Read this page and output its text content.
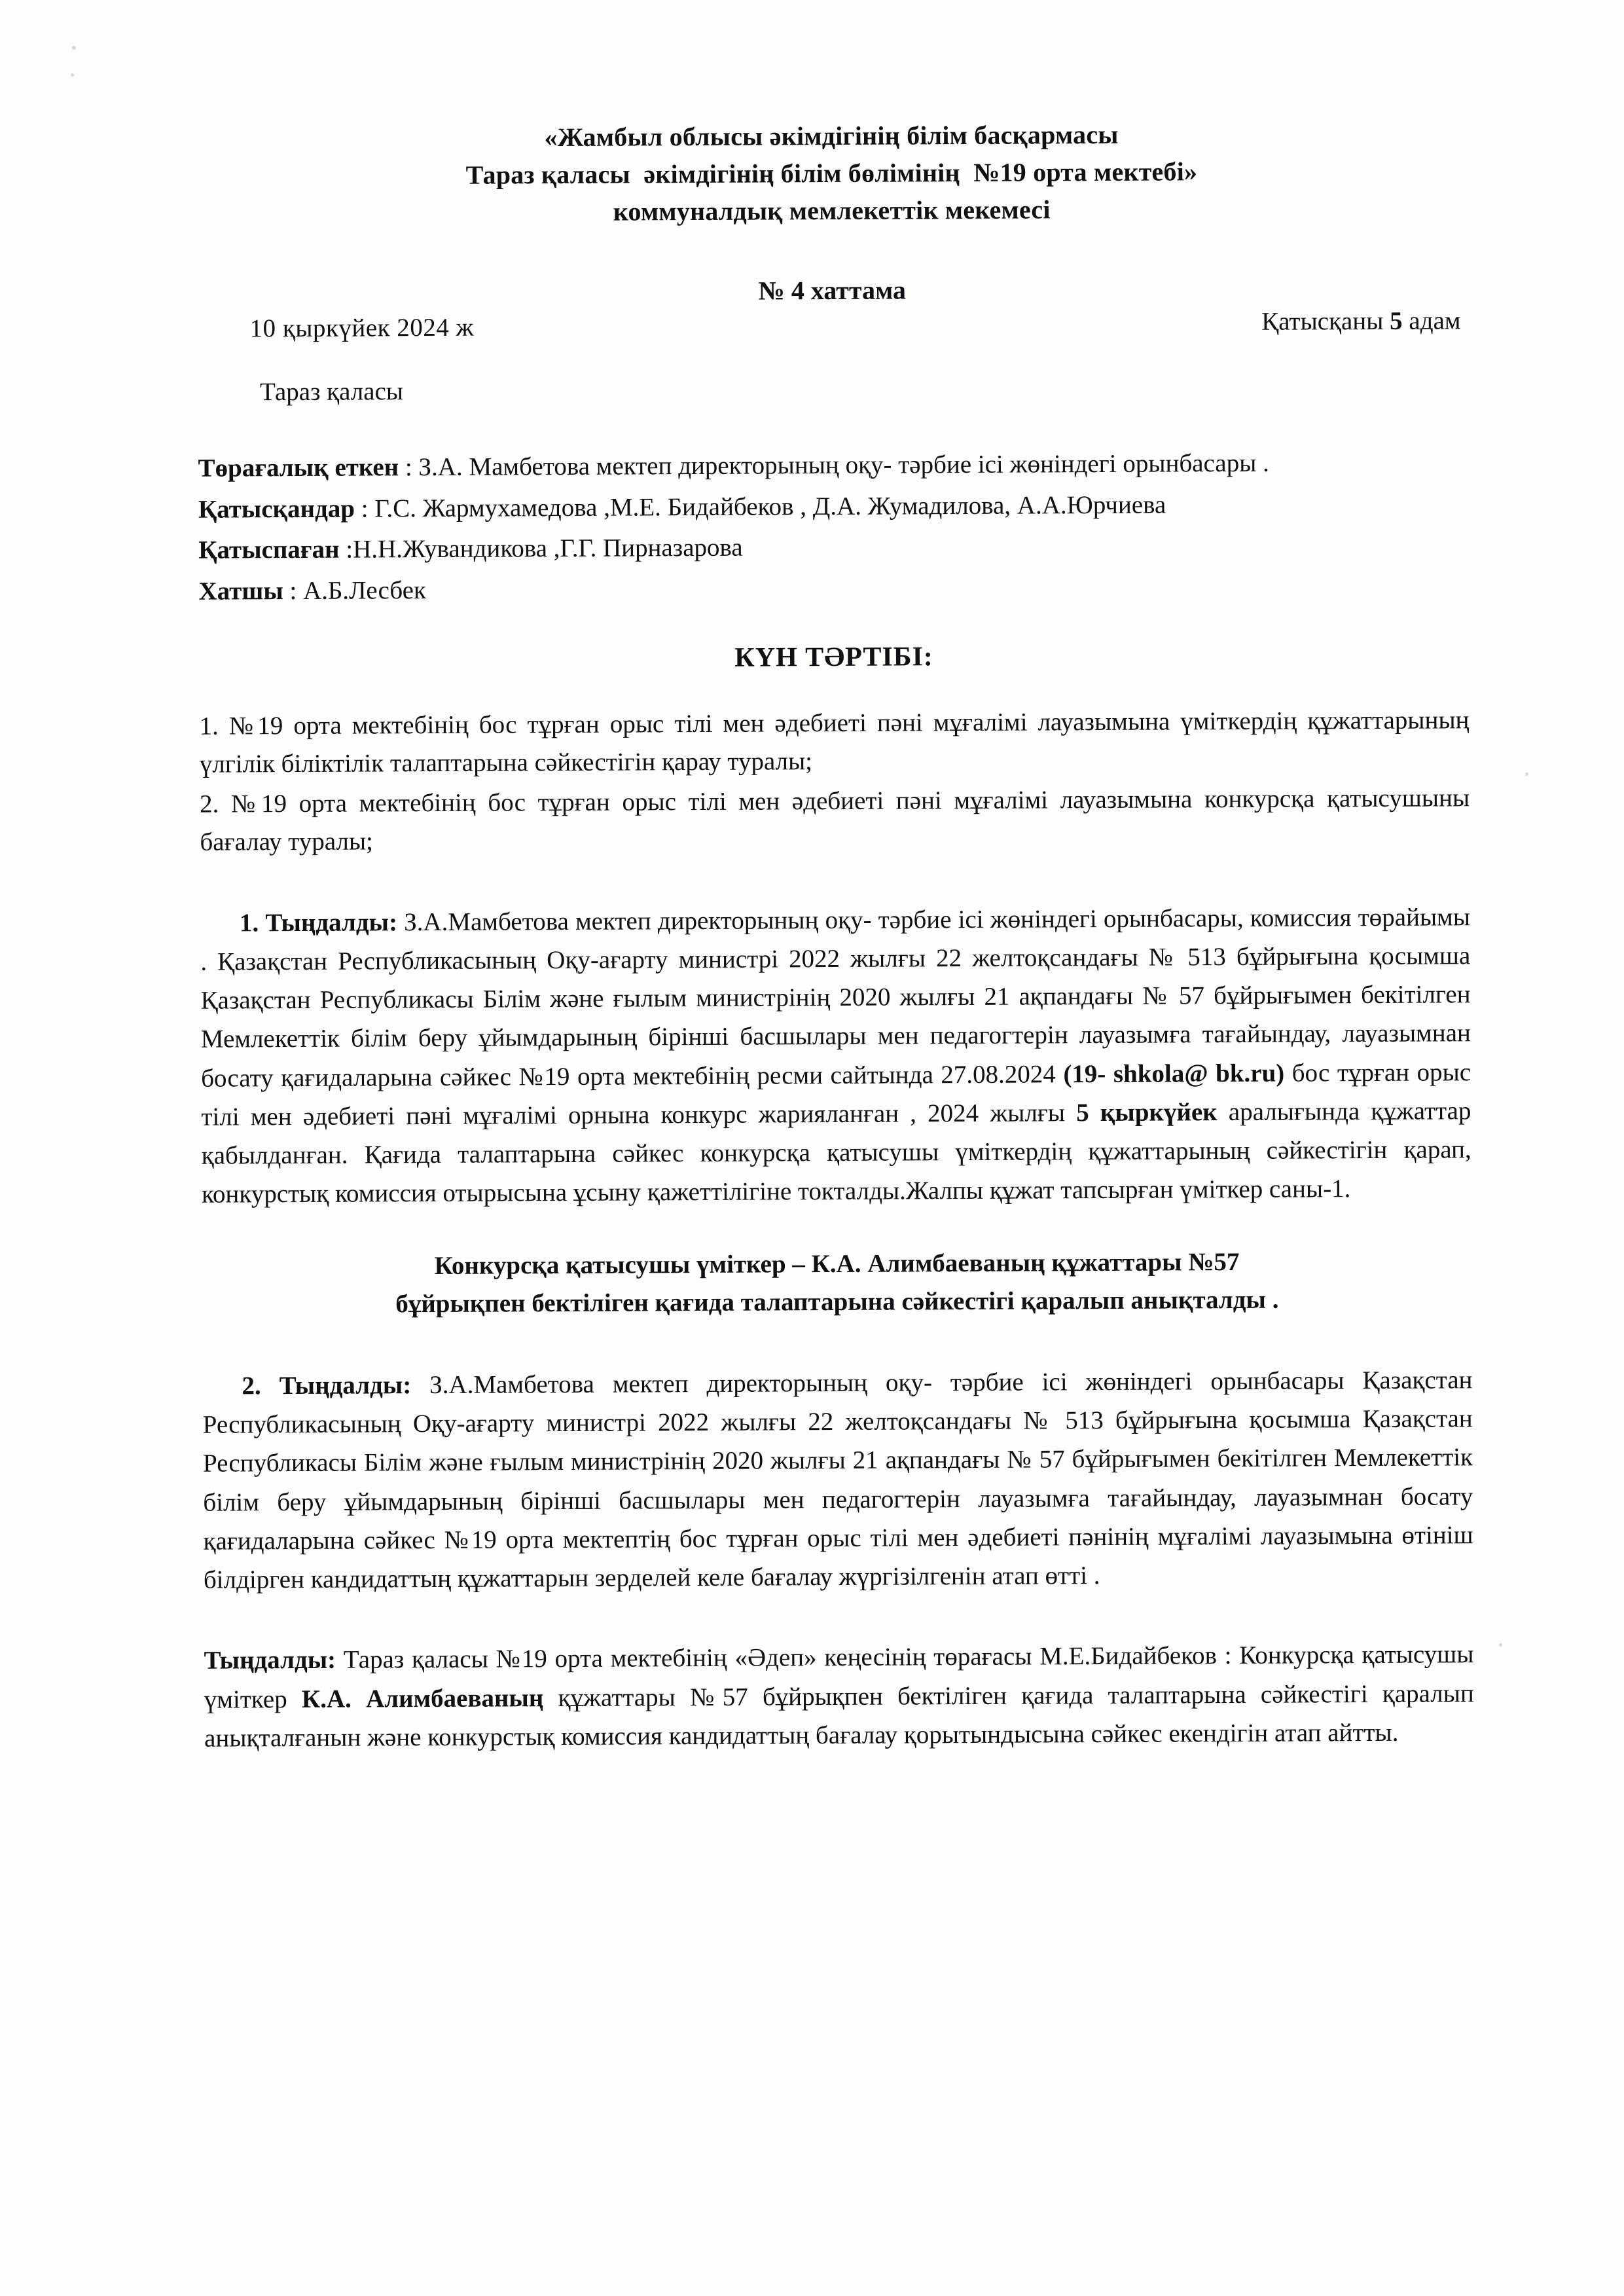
«Жамбыл облысы әкімдігінің білім басқармасы
Тараз қаласы  әкімдігінің білім бөлімінің  №19 орта мектебі»
коммуналдық мемлекеттік мекемесі
№ 4 хаттама
10 қыркүйек 2024 ж	Қатысқаны 5 адам
Тараз қаласы
Төрағалық еткен : З.А. Мамбетова мектеп директорының оқу- тәрбие ісі жөніндегі орынбасары .
Қатысқандар : Г.С. Жармухамедова ,М.Е. Бидайбеков , Д.А. Жумадилова, А.А.Юрчиева
Қатыспаған :Н.Н.Жувандикова ,Г.Г. Пирназарова
Хатшы : А.Б.Лесбек
КҮН ТӘРТІБІ:

1. №19 орта мектебінің бос тұрған орыс тілі мен әдебиеті пәні мұғалімі лауазымына үміткердің құжаттарының үлгілік біліктілік талаптарына сәйкестігін қарау туралы;

2. №19 орта мектебінің бос тұрған орыс тілі мен әдебиеті пәні мұғалімі лауазымына конкурсқа қатысушыны бағалау туралы;

1. Тыңдалды: З.А.Мамбетова мектеп директорының оқу- тәрбие ісі жөніндегі орынбасары, комиссия төрайымы . Қазақстан Республикасының Оқу-ағарту министрі 2022 жылғы 22 желтоқсандағы № 513 бұйрығына қосымша Қазақстан Республикасы Білім және ғылым министрінің 2020 жылғы 21 ақпандағы № 57 бұйрығымен бекітілген Мемлекеттік білім беру ұйымдарының бірінші басшылары мен педагогтерін лауазымға тағайындау, лауазымнан босату қағидаларына сәйкес №19 орта мектебінің ресми сайтында 27.08.2024 (19- shkola@ bk.ru) бос тұрған орыс тілі мен әдебиеті пәні мұғалімі орнына конкурс жарияланған , 2024 жылғы 5 қыркүйек аралығында құжаттар қабылданған. Қағида талаптарына сәйкес конкурсқа қатысушы үміткердің құжаттарының сәйкестігін қарап, конкурстық комиссия отырысына ұсыну қажеттілігіне токталды.Жалпы құжат тапсырған үміткер саны-1.

Конкурсқа қатысушы үміткер – К.А. Алимбаеваның құжаттары №57

бұйрықпен бектіліген қағида талаптарына сәйкестігі қаралып анықталды .

2. Тыңдалды: З.А.Мамбетова мектеп директорының оқу- тәрбие ісі жөніндегі орынбасары Қазақстан Республикасының Оқу-ағарту министрі 2022 жылғы 22 желтоқсандағы № 513 бұйрығына қосымша Қазақстан Республикасы Білім және ғылым министрінің 2020 жылғы 21 ақпандағы № 57 бұйрығымен бекітілген Мемлекеттік білім беру ұйымдарының бірінші басшылары мен педагогтерін лауазымға тағайындау, лауазымнан босату қағидаларына сәйкес №19 орта мектептің бос тұрған орыс тілі мен әдебиеті пәнінің мұғалімі лауазымына өтініш білдірген кандидаттың құжаттарын зерделей келе бағалау жүргізілгенін атап өтті .

Тыңдалды: Тараз қаласы №19 орта мектебінің «Әдеп» кеңесінің төрағасы М.Е.Бидайбеков : Конкурсқа қатысушы үміткер К.А. Алимбаеваның құжаттары №57 бұйрықпен бектіліген қағида талаптарына сәйкестігі қаралып анықталғанын және конкурстық комиссия кандидаттың бағалау қорытындысына сәйкес екендігін атап айтты.
